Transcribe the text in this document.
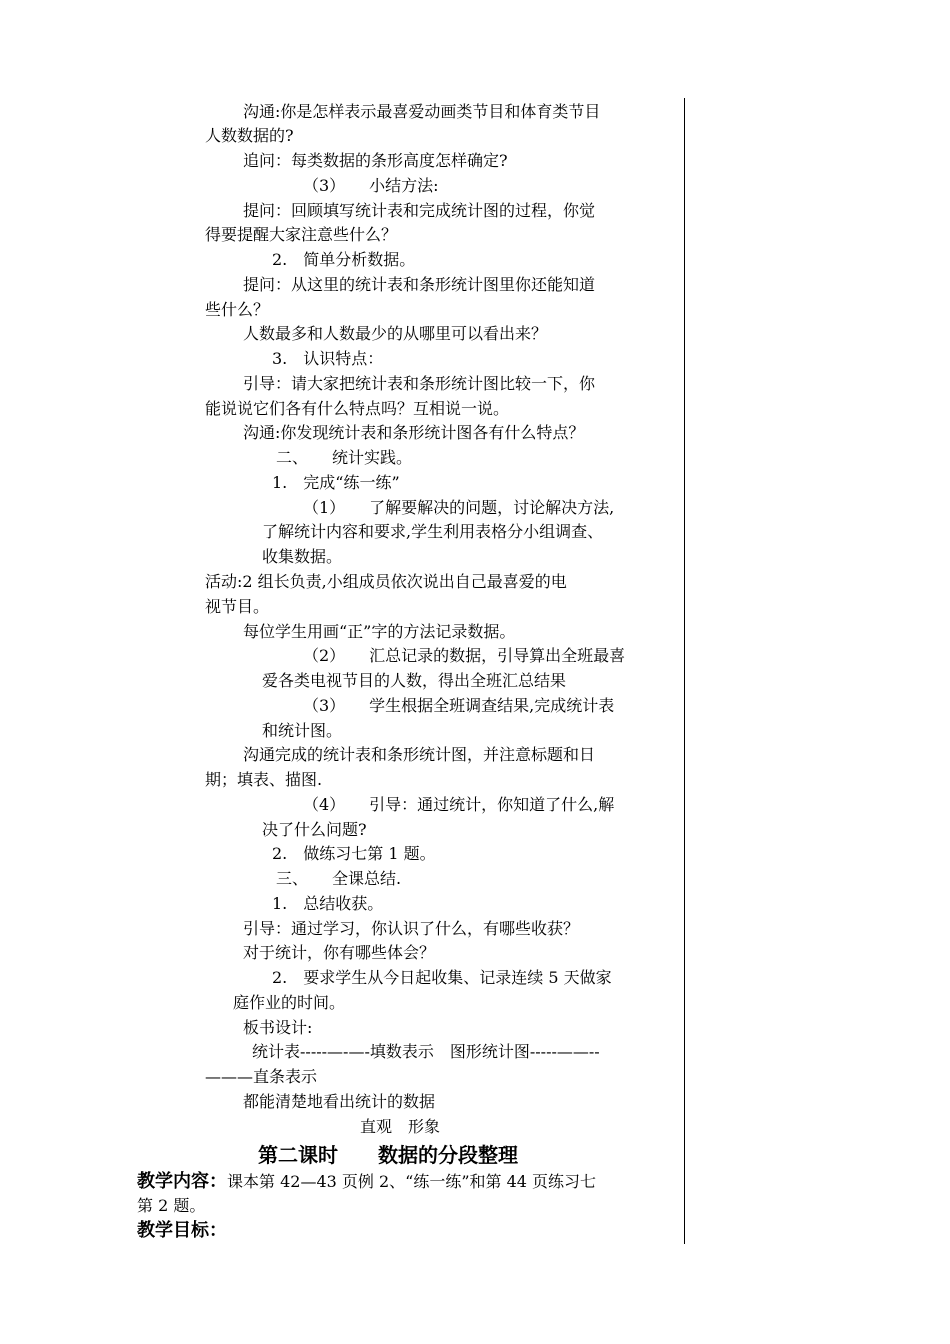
沟通:你是怎样表示最喜爱动画类节目和体育类节目
人数数据的?
追问：每类数据的条形高度怎样确定?
（3）　　小结方法:
提问：回顾填写统计表和完成统计图的过程，你觉
得要提醒大家注意些什么？
2.　简单分析数据。
提问：从这里的统计表和条形统计图里你还能知道
些什么？
人数最多和人数最少的从哪里可以看出来？
3.　认识特点：
引导：请大家把统计表和条形统计图比较一下，你
能说说它们各有什么特点吗？互相说一说。
沟通:你发现统计表和条形统计图各有什么特点？
二、　　统计实践。
1.　完成“练一练”
（1）　　了解要解决的问题，讨论解决方法,
了解统计内容和要求,学生利用表格分小组调查、
收集数据。
活动:2 组长负责,小组成员依次说出自己最喜爱的电
视节目。
每位学生用画“正”字的方法记录数据。
（2）　　汇总记录的数据，引导算出全班最喜
爱各类电视节目的人数，得出全班汇总结果
（3）　　学生根据全班调查结果,完成统计表
和统计图。
沟通完成的统计表和条形统计图，并注意标题和日
期；填表、描图.
（4）　　引导：通过统计，你知道了什么,解
决了什么问题?
2.　做练习七第 1 题。
三、　　全课总结.
1.　总结收获。
引导：通过学习，你认识了什么，有哪些收获？
对于统计，你有哪些体会？
2.　要求学生从今日起收集、记录连续 5 天做家
庭作业的时间。
板书设计:
统计表-----—-—-填数表示　图形统计图-----——--
———直条表示
都能清楚地看出统计的数据
直观　形象
第二课时　　数据的分段整理
教学内容：课本第 42—43 页例 2、“练一练”和第 44 页练习七
第 2 题。
教学目标：
